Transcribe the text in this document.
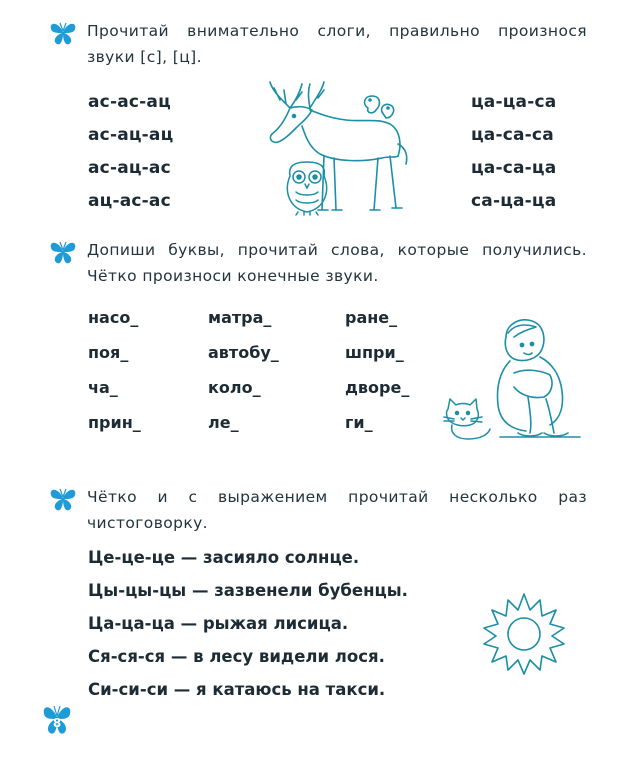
Прочитай внимательно слоги, правильно произнося звуки [с], [ц].
ас-ас-ац
ас-ац-ац
ас-ац-ас
ац-ас-ас
ца-ца-са
ца-са-са
ца-са-ца
са-ца-ца
Допиши буквы, прочитай слова, которые получились. Чётко произноси конечные звуки.
насо_
поя_
ча_
прин_
матра_
автобу_
коло_
ле_
ране_
шпри_
дворе_
ги_
Чётко и с выражением прочитай несколько раз чистоговорку.
Це-це-це — засияло солнце.
Цы-цы-цы — зазвенели бубенцы.
Ца-ца-ца — рыжая лисица.
Ся-ся-ся — в лесу видели лося.
Си-си-си — я катаюсь на такси.
8
